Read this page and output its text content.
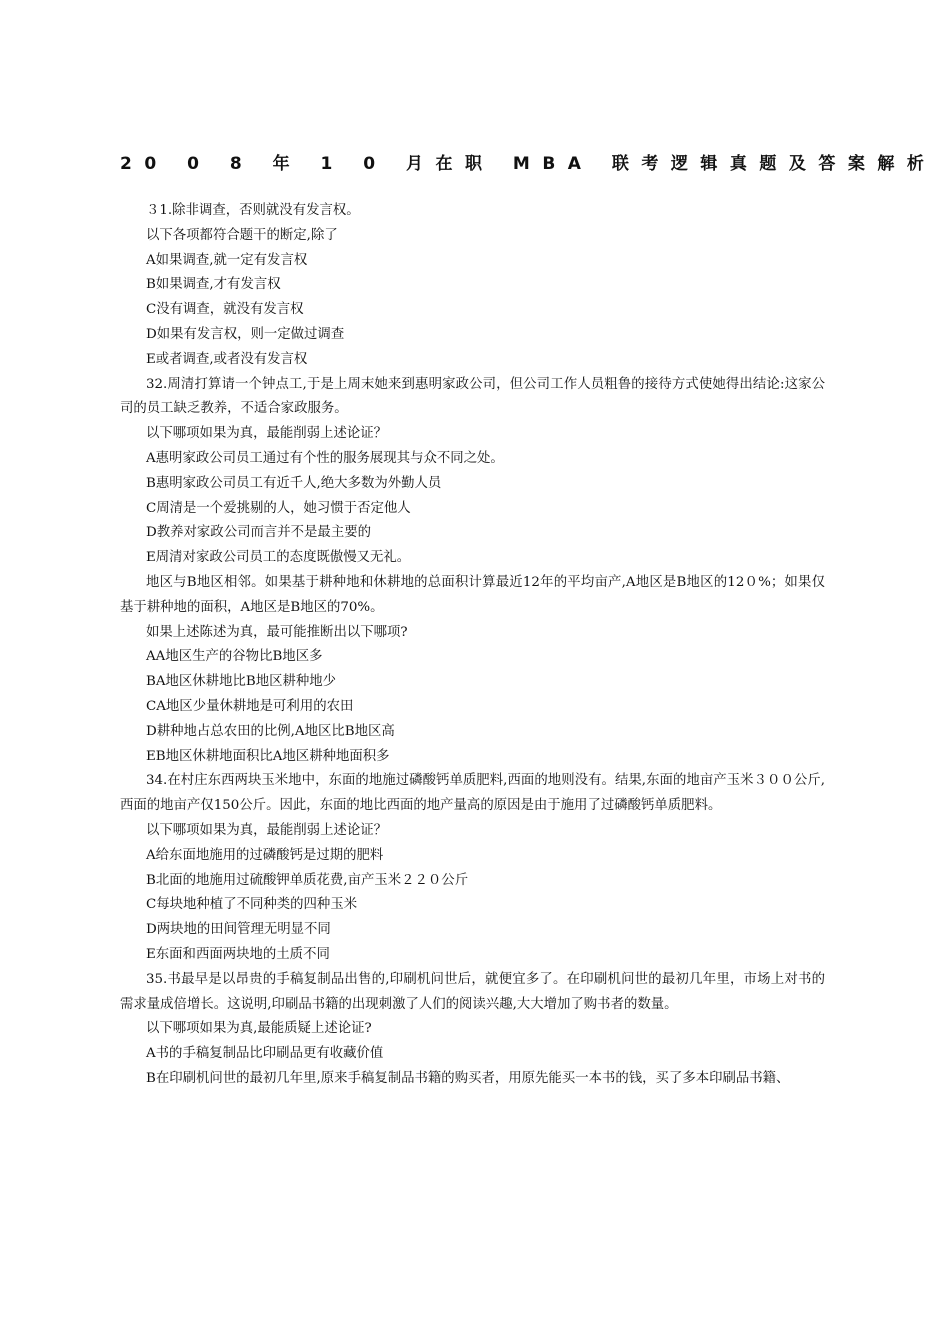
20 0 8 年 1 0 月在职 MBA 联考逻辑真题及答案解析

３1.除非调查，否则就没有发言权。

以下各项都符合题干的断定,除了

A如果调查,就一定有发言权

B如果调查,才有发言权

C没有调查，就没有发言权

D如果有发言权，则一定做过调查

E或者调查,或者没有发言权

32.周清打算请一个钟点工,于是上周末她来到惠明家政公司，但公司工作人员粗鲁的接待方式使她得出结论:这家公司的员工缺乏教养，不适合家政服务。

以下哪项如果为真，最能削弱上述论证？

A惠明家政公司员工通过有个性的服务展现其与众不同之处。

B惠明家政公司员工有近千人,绝大多数为外勤人员

C周清是一个爱挑剔的人，她习惯于否定他人

D教养对家政公司而言并不是最主要的

E周清对家政公司员工的态度既傲慢又无礼。

地区与B地区相邻。如果基于耕种地和休耕地的总面积计算最近12年的平均亩产,A地区是B地区的12０%；如果仅基于耕种地的面积，A地区是B地区的70%。

如果上述陈述为真，最可能推断出以下哪项?

AA地区生产的谷物比B地区多

BA地区休耕地比B地区耕种地少

CA地区少量休耕地是可利用的农田

D耕种地占总农田的比例,A地区比B地区高

EB地区休耕地面积比A地区耕种地面积多

34.在村庄东西两块玉米地中，东面的地施过磷酸钙单质肥料,西面的地则没有。结果,东面的地亩产玉米３００公斤,西面的地亩产仅150公斤。因此，东面的地比西面的地产量高的原因是由于施用了过磷酸钙单质肥料。

以下哪项如果为真，最能削弱上述论证？

A给东面地施用的过磷酸钙是过期的肥料

B北面的地施用过硫酸钾单质花费,亩产玉米２２０公斤

C每块地种植了不同种类的四种玉米

D两块地的田间管理无明显不同

E东面和西面两块地的土质不同

35.书最早是以昂贵的手稿复制品出售的,印刷机问世后，就便宜多了。在印刷机问世的最初几年里，市场上对书的需求量成倍增长。这说明,印刷品书籍的出现刺激了人们的阅读兴趣,大大增加了购书者的数量。

以下哪项如果为真,最能质疑上述论证?

A书的手稿复制品比印刷品更有收藏价值

B在印刷机问世的最初几年里,原来手稿复制品书籍的购买者，用原先能买一本书的钱，买了多本印刷品书籍、
